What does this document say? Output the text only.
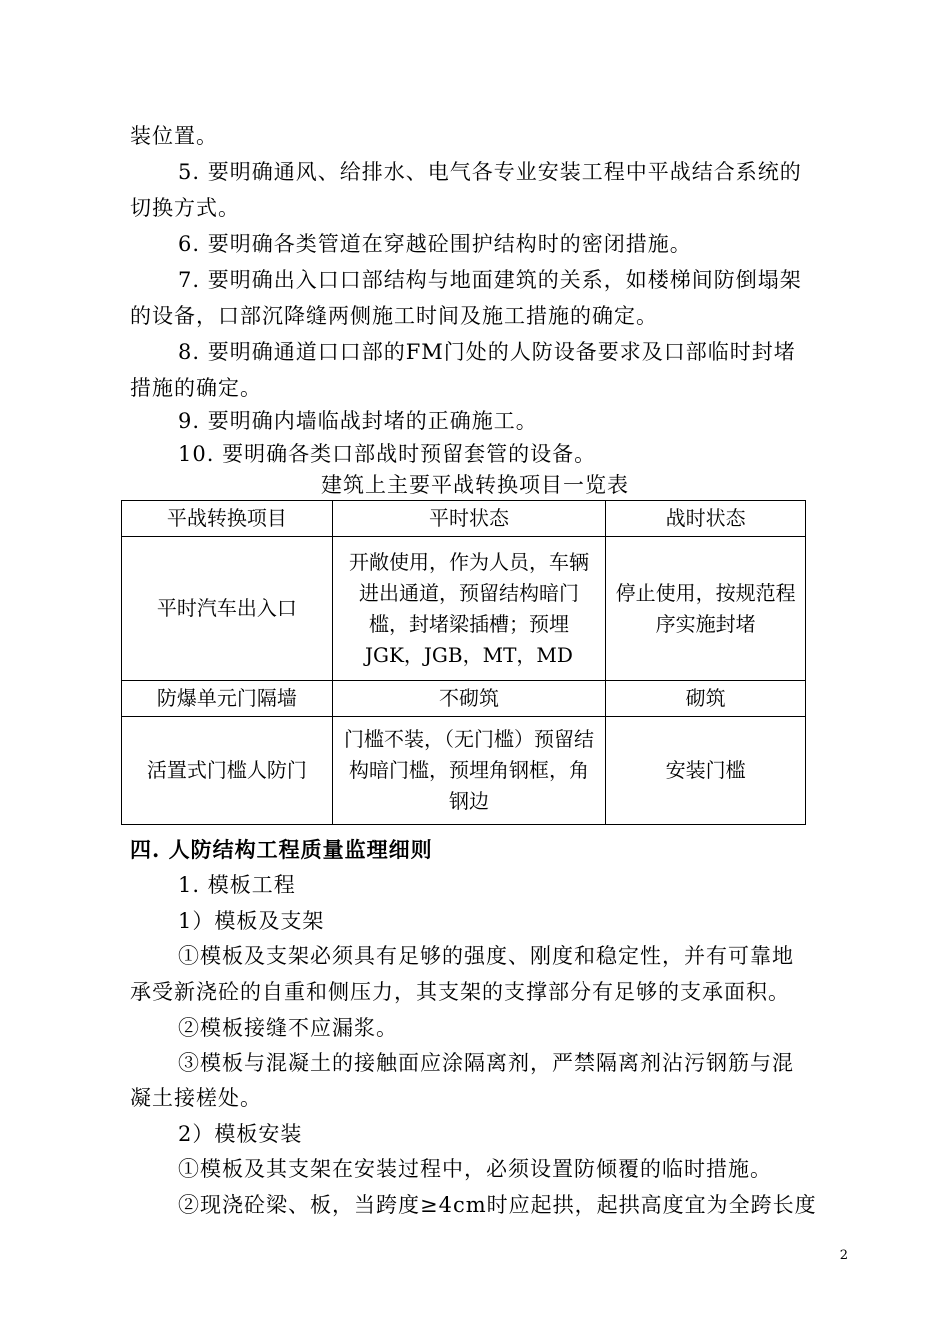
装位置。
5. 要明确通风、给排水、电气各专业安装工程中平战结合系统的
切换方式。
6. 要明确各类管道在穿越砼围护结构时的密闭措施。
7. 要明确出入口口部结构与地面建筑的关系，如楼梯间防倒塌架
的设备，口部沉降缝两侧施工时间及施工措施的确定。
8. 要明确通道口口部的FM门处的人防设备要求及口部临时封堵
措施的确定。
9. 要明确内墙临战封堵的正确施工。
10. 要明确各类口部战时预留套管的设备。
建筑上主要平战转换项目一览表
平战转换项目	平时状态	战时状态
平时汽车出入口	开敞使用，作为人员，车辆进出通道，预留结构暗门槛，封堵梁插槽；预埋JGK，JGB，MT，MD	停止使用，按规范程序实施封堵
防爆单元门隔墙	不砌筑	砌筑
活置式门槛人防门	门槛不装，（无门槛）预留结构暗门槛，预埋角钢框，角钢边	安装门槛
四. 人防结构工程质量监理细则
1. 模板工程
1）模板及支架
①模板及支架必须具有足够的强度、刚度和稳定性，并有可靠地
承受新浇砼的自重和侧压力，其支架的支撑部分有足够的支承面积。
②模板接缝不应漏浆。
③模板与混凝土的接触面应涂隔离剂，严禁隔离剂沾污钢筋与混
凝土接槎处。
2）模板安装
①模板及其支架在安装过程中，必须设置防倾覆的临时措施。
②现浇砼梁、板，当跨度≥4cm时应起拱，起拱高度宜为全跨长度
2
